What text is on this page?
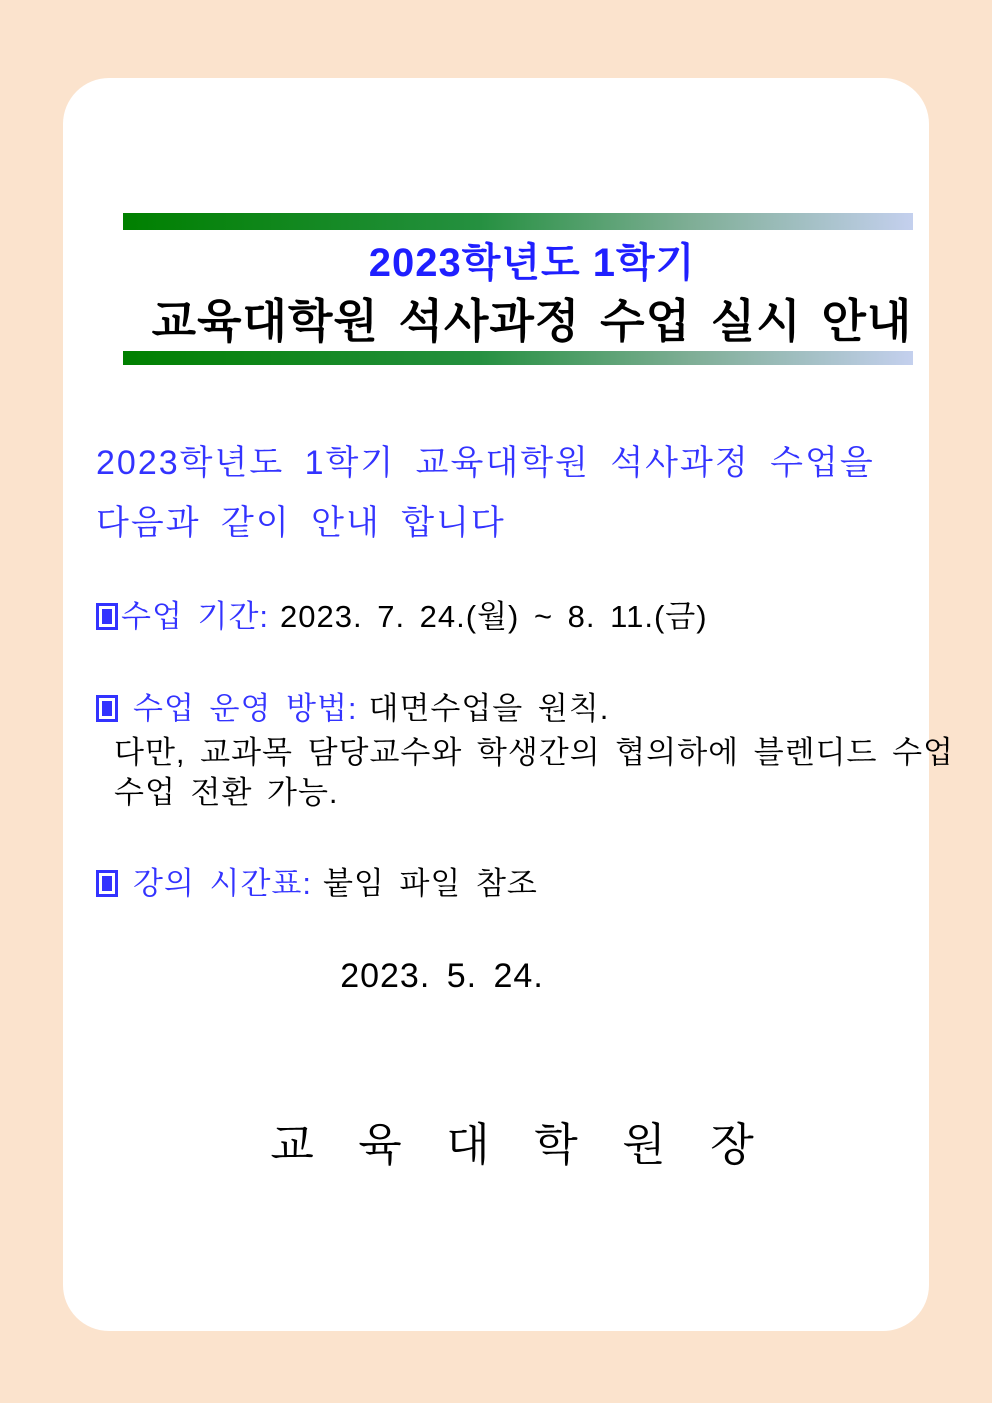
2023학년도 1학기
교육대학원 석사과정 수업 실시 안내
2023학년도 1학기 교육대학원 석사과정 수업을
다음과 같이 안내 합니다
수업 기간: 2023. 7. 24.(월) ~ 8. 11.(금)
수업 운영 방법: 대면수업을 원칙.
다만, 교과목 담당교수와 학생간의 협의하에 블렌디드 수업
수업 전환 가능.
강의 시간표: 붙임 파일 참조
2023. 5. 24.
교 육 대 학 원 장
